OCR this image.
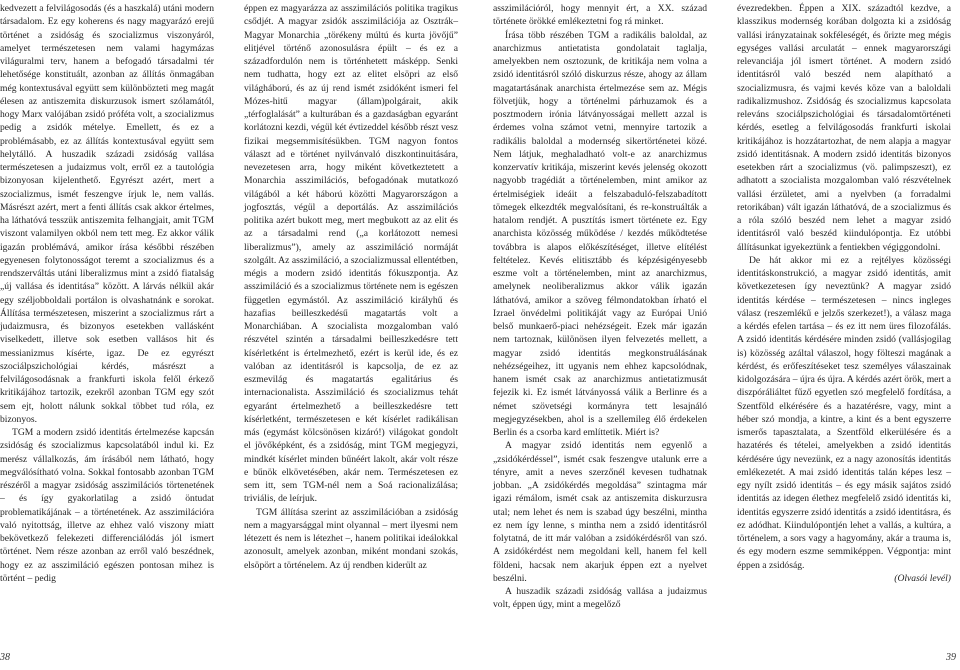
kedvezett a felvilágosodás (és a haszkalá) utáni modern társadalom. Ez egy koherens és nagy magyarázó erejű történet a zsidóság és szocializmus viszonyáról, amelyet természetesen nem valami hagymázas világuralmi terv, hanem a befogadó társadalmi tér lehetősége konstituált, azonban az állítás önmagában még kontextusával együtt sem különbözteti meg magát élesen az antiszemita diskurzusok ismert szólamától, hogy Marx valójában zsidó próféta volt, a szocializmus pedig a zsidók mételye. Emellett, és ez a problémásabb, ez az állítás kontextusával együtt sem helytálló. A huszadik századi zsidóság vallása természetesen a judaizmus volt, erről ez a tautológia bizonyosan kijelenthető. Egyrészt azért, mert a szocializmus, ismét feszengve írjuk le, nem vallás. Másrészt azért, mert a fenti állítás csak akkor értelmes, ha láthatóvá tesszük antiszemita felhangjait, amit TGM viszont valamilyen okból nem tett meg. Ez akkor válik igazán problémává, amikor írása későbbi részében egyenesen folytonosságot teremt a szocializmus és a rendszerváltás utáni liberalizmus mint a zsidó fiatalság „új vallása és identitása” között. A lárvás nélkül akár egy széljobboldali portálon is olvashatnánk e sorokat. Állítása természetesen, miszerint a szocializmus rárt a judaizmusra, és bizonyos esetekben vallásként viselkedett, illetve sok esetben vallásos hit és messianizmus kísérte, igaz. De ez egyrészt szociálpszichológiai kérdés, másrészt a felvilágosodásnak a frankfurti iskola felől érkező kritikájához tartozik, ezekről azonban TGM egy szót sem ejt, holott nálunk sokkal többet tud róla, ez bizonyos.

TGM a modern zsidó identitás értelmezése kapcsán zsidóság és szocializmus kapcsolatából indul ki. Ez merész vállalkozás, ám írásából nem látható, hogy megválósítható volna. Sokkal fontosabb azonban TGM részéről a magyar zsidóság asszimilációs törtenetének – és így gyakorlatilag a zsidó öntudat problematikájának – a történetének. Az asszimilációra való nyitottság, illetve az ehhez való viszony miatt bekövetkező felekezeti differenciálódás jól ismert történet. Nem része azonban az erről való beszédnek, hogy ez az asszimiláció egészen pontosan mihez is történt – pedig

éppen ez magyarázza az asszimilációs politika tragikus csődjét. A magyar zsidók asszimilációja az Osztrák–Magyar Monarchia „törékeny múltú és kurta jövőjű” elitjével történő azonosulásra épült – és ez a századfordulón nem is történhetett másképp. Senki nem tudhatta, hogy ezt az elitet elsöpri az első világháború, és az új rend ismét zsidóként ismeri fel Mózes-hitű magyar (állam)polgárait, akik „térfoglalását” a kulturában és a gazdaságban egyaránt korlátozni kezdi, végül két évtizeddel később részt vesz fizikai megsemmisítésükben. TGM nagyon fontos választ ad e történet nyilvánvaló diszkontinuitására, nevezetesen arra, hogy miként következtetett a Monarchia asszimilációs, befogadónak mutatkozó világából a két háború közötti Magyarországon a jogfosztás, végül a deportálás. Az asszimilációs politika azért bukott meg, mert megbukott az az elit és az a társadalmi rend („a korlátozott nemesi liberalizmus”), amely az asszimiláció normáját szolgált. Az asszimiláció, a szocializmussal ellentétben, mégis a modern zsidó identitás fókuszpontja. Az asszimiláció és a szocializmus története nem is egészen független egymástól. Az asszimiláció királyhű és hazafias beilleszkedésű magatartás volt a Monarchiában. A szocialista mozgalomban való részvétel szintén a társadalmi beilleszkedésre tett kísérletként is értelmezhető, ezért is kerül ide, és ez valóban az identitásról is kapcsolja, de ez az eszmevilág és magatartás egalitárius és internacionalista. Asszimiláció és szocializmus tehát egyaránt értelmezhető a beilleszkedésre tett kísérletként, természetesen e két kísérlet radikálisan más (egymást kölcsönösen kizáró!) világokat gondolt el jövőképként, és a zsidóság, mint TGM megjegyzi, mindkét kísérlet minden bűnéért lakolt, akár volt része e bűnök elkövetésében, akár nem. Természetesen ez sem itt, sem TGM-nél nem a Soá racionalizálása; triviális, de leírjuk.

TGM állítása szerint az asszimilációban a zsidóság nem a magyarsággal mint olyannal – mert ilyesmi nem létezett és nem is létezhet –, hanem politikai ideálokkal azonosult, amelyek azonban, miként mondani szokás, elsöpört a történelem. Az új rendben kiderült az

asszimilációról, hogy mennyit ért, a XX. század története örökké emlékeztetni fog rá minket.

Írása több részében TGM a radikális baloldal, az anarchizmus antietatista gondolatait taglalja, amelyekben nem osztozunk, de kritikája nem volna a zsidó identitásról szóló diskurzus része, ahogy az állam magatartásának anarchista értelmezése sem az. Mégis fölvetjük, hogy a történelmi párhuzamok és a posztmodern irónia látványosságai mellett azzal is érdemes volna számot vetni, mennyire tartozik a radikális baloldal a modernség sikertörténetei közé. Nem látjuk, meghaladható volt-e az anarchizmus konzervatív kritikája, miszerint kevés jelenség okozott nagyobb tragédiát a történelemben, mint amikor az értelmiségiek ideáit a felszabaduló-felszabadított tömegek elkezdték megvalósítani, és re-konstruálták a hatalom rendjét. A pusztítás ismert története ez. Egy anarchista közösség működése / kezdés működtetése továbbra is alapos előkészítéséget, illetve elítélést feltételez. Kevés elitisztább és képzésigényesebb eszme volt a történelemben, mint az anarchizmus, amelynek neoliberalizmus akkor válik igazán láthatóvá, amikor a szöveg félmondatokban írható el Izrael önvédelmi politikáját vagy az Európai Unió belső munkaerő-piaci nehézségeit. Ezek már igazán nem tartoznak, különösen ilyen felvezetés mellett, a magyar zsidó identitás megkonstruálásának nehézségeihez, itt ugyanis nem ehhez kapcsolódnak, hanem ismét csak az anarchizmus antietatizmusát fejezik ki. Ez ismét látványossá válik a Berlinre és a német szövetségi kormányra tett lesajnáló megjegyzésekben, ahol is a szellemileg élő érdekelen Berlin és a csorba kard említtetik. Miért is?

A magyar zsidó identitás nem egyenlő a „zsidókérdéssel”, ismét csak feszengve utalunk erre a tényre, amit a neves szerzőnél kevesen tudhatnak jobban. „A zsidókérdés megoldása” szintagma már igazi rémálom, ismét csak az antiszemita diskurzusra utal; nem lehet és nem is szabad úgy beszélni, mintha ez nem így lenne, s mintha nem a zsidó identitásról folytatná, de itt már valóban a zsidókérdésről van szó. A zsidókérdést nem megoldani kell, hanem fel kell földeni, hacsak nem akarjuk éppen ezt a nyelvet beszélni.

A huszadik századi zsidóság vallása a judaizmus volt, éppen úgy, mint a megelőző

évezredekben. Éppen a XIX. századtól kezdve, a klasszikus modernség korában dolgozta ki a zsidóság vallási irányzatainak sokféleségét, és őrizte meg mégis egységes vallási arculatát – ennek magyarországi relevanciája jól ismert történet. A modern zsidó identitásról való beszéd nem alapítható a szocializmusra, és vajmi kevés köze van a baloldali radikalizmushoz. Zsidóság és szocializmus kapcsolata releváns szociálpszichológiai és társadalomtörténeti kérdés, esetleg a felvilágosodás frankfurti iskolai kritikájához is hozzátartozhat, de nem alapja a magyar zsidó identitásnak. A modern zsidó identitás bizonyos esetekben rárt a szocializmus (vö. palimpszeszt), ez adhatott a szocialista mozgalomban való részvételnek vallási érzületet, ami a nyelvben (a forradalmi retorikában) vált igazán láthatóvá, de a szocializmus és a róla szóló beszéd nem lehet a magyar zsidó identitásról való beszéd kiindulópontja. Ez utóbbi állításunkat igyekeztünk a fentiekben végiggondolni.

De hát akkor mi ez a rejtélyes közösségi identitáskonstrukció, a magyar zsidó identitás, amit következetesen így neveztünk? A magyar zsidó identitás kérdése – természetesen – nincs ingleges válasz (reszemlékű e jelzős szerkezet!), a válasz maga a kérdés efelen tartása – és ez itt nem üres filozofálás. A zsidó identitás kérdésére minden zsidó (vallásjogilag is) közösség azáltal válaszol, hogy fölteszi magának a kérdést, és erőfeszítéseket tesz személyes válaszainak kidolgozására – újra és újra. A kérdés azért örök, mert a diszpóráliáltet fűző egyetlen szó megfelelő fordítása, a Szentföld elkérésére és a hazatérésre, vagy, mint a héber szó mondja, a kintre, a kint és a bent egyszerre ismerős tapasztalata, a Szentföld elkerülésére és a hazatérés és tételei, amelyekben a zsidó identitás kérdésére úgy nevezünk, ez a nagy azonosítás identitás emlékezetét. A mai zsidó identitás talán képes lesz – egy nyílt zsidó identitás – és egy másik sajátos zsidó identitás az idegen élethez megfelelő zsidó identitás ki, identitás egyszerre zsidó identitás a zsidó identitásra, és ez adódhat. Kiindulópontjén lehet a vallás, a kultúra, a történelem, a sors vagy a hagyomány, akár a trauma is, és egy modern eszme semmiképpen. Végpontja: mint éppen a zsidóság.

(Olvasói levél)

38	39
